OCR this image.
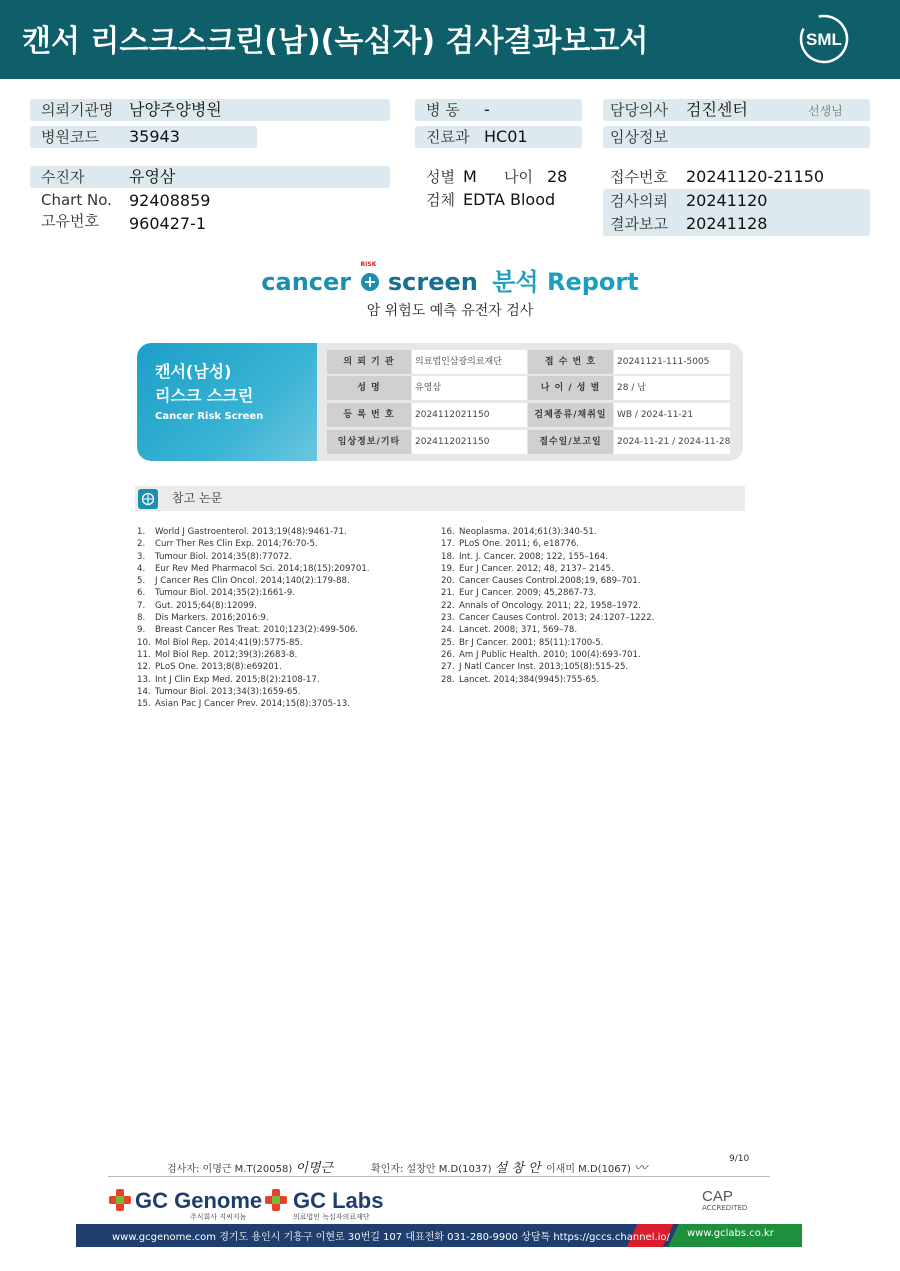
캔서 리스크스크린(남)(녹십자) 검사결과보고서	SML
의뢰기관명 남양주양병원
병원코드 35943
수진자	유영삼
Chart No. 92408859
고유번호 960427-1
병 동 -
진료과 HC01
성별 M 나이 28
검체 EDTA Blood
담당의사 검진센터	선생님
임상정보
접수번호 20241120-21150
검사의뢰 20241120
결과보고 20241128
cancer
RISK
screen 분석 Report
암 위험도 예측 유전자 검사
캔서(남성)
리스크 스크린
Cancer Risk Screen
의 뢰 기 관	의료법인삼광의료재단	접 수 번 호	20241121-111-5005
성 명	유영삼	나 이 / 성 별	28 / 남
등 록 번 호	2024112021150	검체종류/채취일	WB / 2024-11-21
임상정보/기타	2024112021150	접수일/보고일	2024-11-21 / 2024-11-28
참고 논문
1.	World J Gastroenterol. 2013;19(48):9461-71.
2.	Curr Ther Res Clin Exp. 2014;76:70-5.
3.	Tumour Biol. 2014;35(8):77072.
4.	Eur Rev Med Pharmacol Sci. 2014;18(15):209701.
5.	J Cancer Res Clin Oncol. 2014;140(2):179-88.
6.	Tumour Biol. 2014;35(2):1661-9.
7.	Gut. 2015;64(8):12099.
8.	Dis Markers. 2016;2016:9.
9.	Breast Cancer Res Treat. 2010;123(2):499-506.
10. Mol Biol Rep. 2014;41(9):5775-85.
11. Mol Biol Rep. 2012;39(3):2683-8.
12. PLoS One. 2013;8(8):e69201.
13. Int J Clin Exp Med. 2015;8(2):2108-17.
14. Tumour Biol. 2013;34(3):1659-65.
15. Asian Pac J Cancer Prev. 2014;15(8):3705-13.
16. Neoplasma. 2014;61(3):340-51.
17. PLoS One. 2011; 6, e18776.
18. Int. J. Cancer. 2008; 122, 155–164.
19. Eur J Cancer. 2012; 48, 2137– 2145.
20. Cancer Causes Control.2008;19, 689–701.
21. Eur J Cancer. 2009; 45,2867-73.
22. Annals of Oncology. 2011; 22, 1958–1972.
23. Cancer Causes Control. 2013; 24:1207–1222.
24. Lancet. 2008; 371, 569–78.
25. Br J Cancer. 2001; 85(11):1700-5.
26. Am J Public Health. 2010; 100(4):693-701.
27. J Natl Cancer Inst. 2013;105(8):515-25.
28. Lancet. 2014;384(9945):755-65.
검사자: 이명근 M.T(20058) 이명근	확인자: 설창안 M.D(1037) 설 창 안 이새미 M.D(1067) 〰
9/10
GC Genome
주식회사 지씨지놈
GC Labs
의료법인 녹십자의료재단
CAP
ACCREDITED
www.gcgenome.com 경기도 용인시 기흥구 이현로 30번길 107 대표전화 031-280-9900 상담톡 https://gccs.channel.io/ www.gclabs.co.kr
